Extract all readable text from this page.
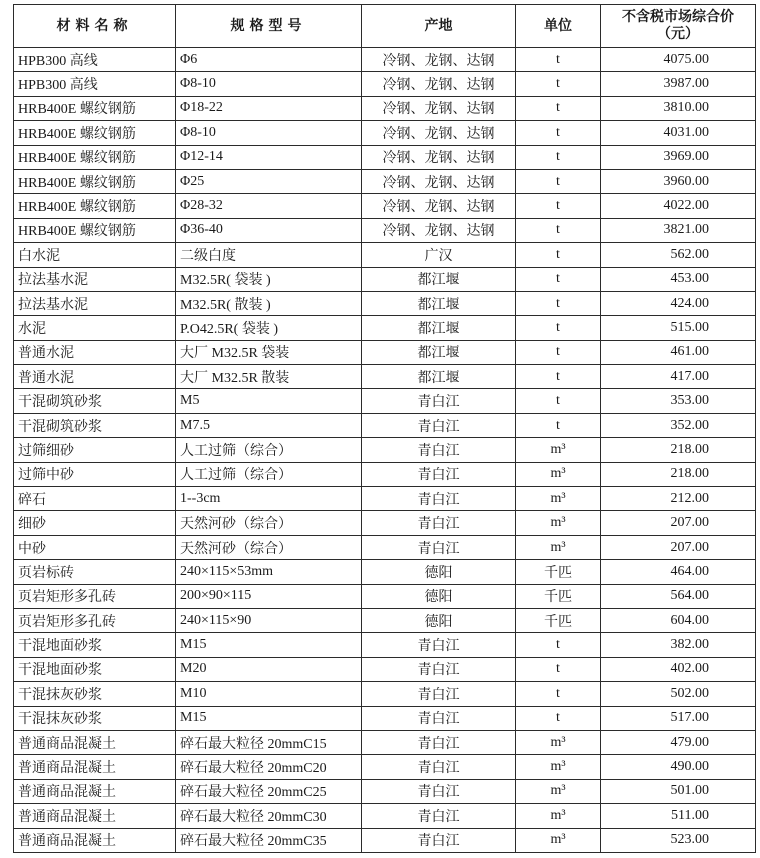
材料名称	规格型号	产地	单位	不含税市场综合价
（元）

HPB300 高线	Φ6	冷钢、龙钢、达钢	t	4075.00
HPB300 高线	Φ8-10	冷钢、龙钢、达钢	t	3987.00
HRB400E 螺纹钢筋	Φ18-22	冷钢、龙钢、达钢	t	3810.00
HRB400E 螺纹钢筋	Φ8-10	冷钢、龙钢、达钢	t	4031.00
HRB400E 螺纹钢筋	Φ12-14	冷钢、龙钢、达钢	t	3969.00
HRB400E 螺纹钢筋	Φ25	冷钢、龙钢、达钢	t	3960.00
HRB400E 螺纹钢筋	Φ28-32	冷钢、龙钢、达钢	t	4022.00
HRB400E 螺纹钢筋	Φ36-40	冷钢、龙钢、达钢	t	3821.00
白水泥	二级白度	广汉	t	562.00
拉法基水泥	M32.5R( 袋装 )	都江堰	t	453.00
拉法基水泥	M32.5R( 散装 )	都江堰	t	424.00
水泥	P.O42.5R( 袋装 )	都江堰	t	515.00
普通水泥	大厂 M32.5R 袋装	都江堰	t	461.00
普通水泥	大厂 M32.5R 散装	都江堰	t	417.00
干混砌筑砂浆	M5	青白江	t	353.00
干混砌筑砂浆	M7.5	青白江	t	352.00
过筛细砂	人工过筛（综合）	青白江	m³	218.00
过筛中砂	人工过筛（综合）	青白江	m³	218.00
碎石	1--3cm	青白江	m³	212.00
细砂	天然河砂（综合）	青白江	m³	207.00
中砂	天然河砂（综合）	青白江	m³	207.00
页岩标砖	240×115×53mm	德阳	千匹	464.00
页岩矩形多孔砖	200×90×115	德阳	千匹	564.00
页岩矩形多孔砖	240×115×90	德阳	千匹	604.00
干混地面砂浆	M15	青白江	t	382.00
干混地面砂浆	M20	青白江	t	402.00
干混抹灰砂浆	M10	青白江	t	502.00
干混抹灰砂浆	M15	青白江	t	517.00
普通商品混凝土	碎石最大粒径 20mmC15	青白江	m³	479.00
普通商品混凝土	碎石最大粒径 20mmC20	青白江	m³	490.00
普通商品混凝土	碎石最大粒径 20mmC25	青白江	m³	501.00
普通商品混凝土	碎石最大粒径 20mmC30	青白江	m³	511.00
普通商品混凝土	碎石最大粒径 20mmC35	青白江	m³	523.00
